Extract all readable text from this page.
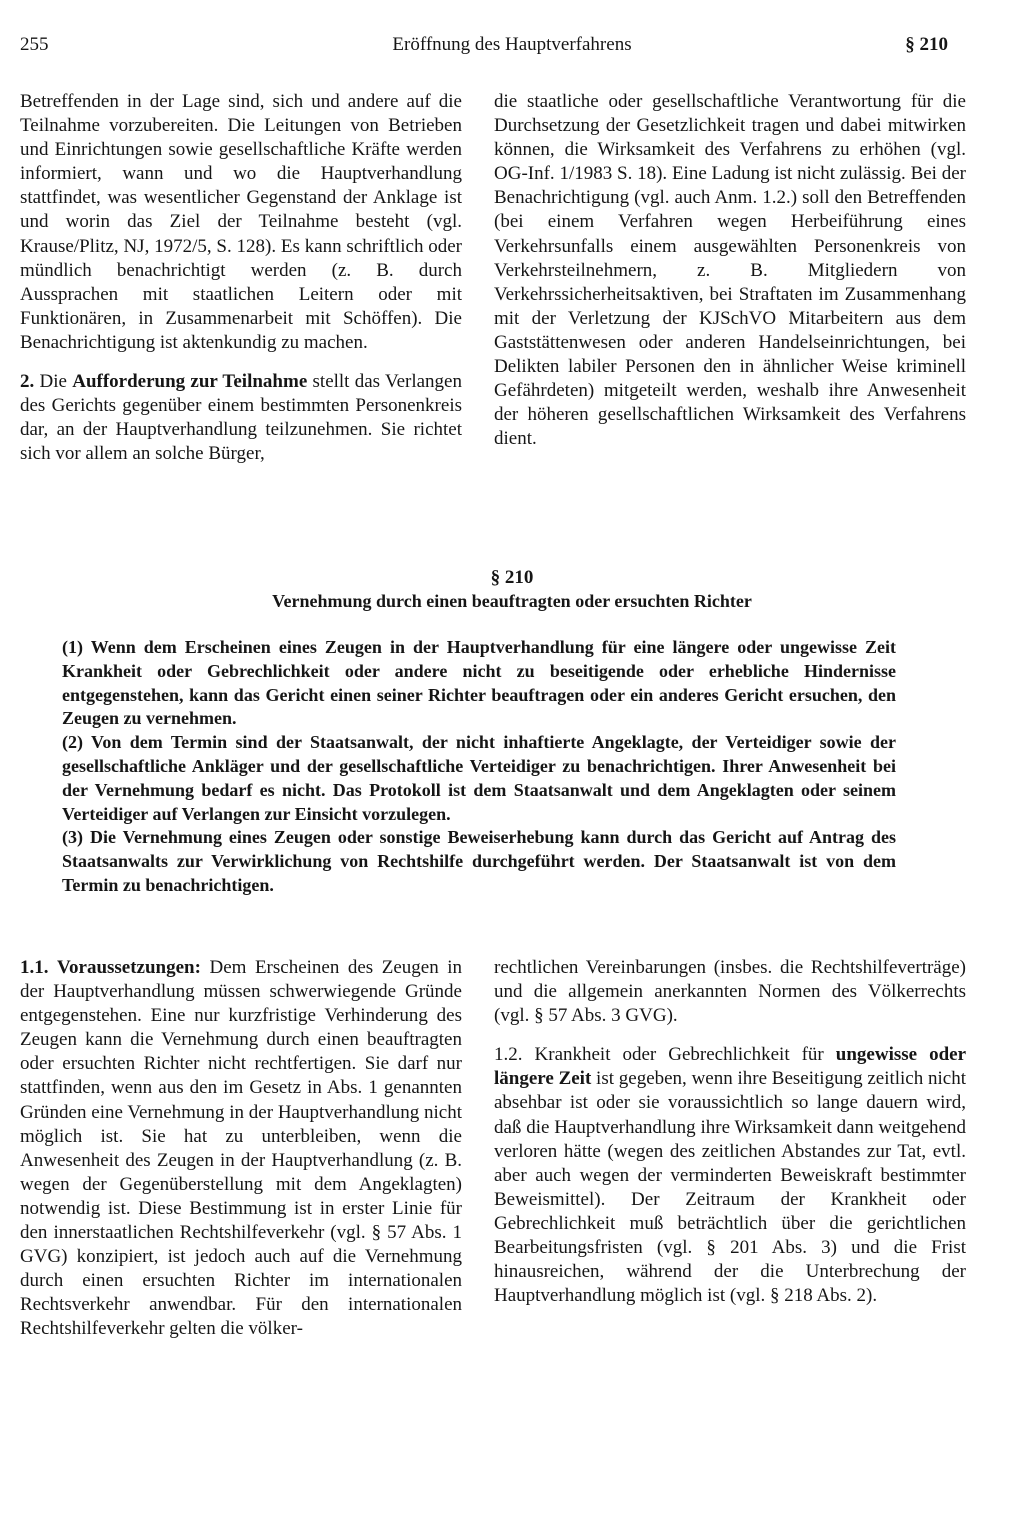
255	Eröffnung des Hauptverfahrens	§ 210

Betreffenden in der Lage sind, sich und andere auf die Teilnahme vorzubereiten. Die Leitungen von Betrieben und Einrichtungen sowie gesellschaftliche Kräfte werden informiert, wann und wo die Hauptverhandlung stattfindet, was wesentlicher Gegenstand der Anklage ist und worin das Ziel der Teilnahme besteht (vgl. Krause/Plitz, NJ, 1972/5, S. 128). Es kann schriftlich oder mündlich benachrichtigt werden (z. B. durch Aussprachen mit staatlichen Leitern oder mit Funktionären, in Zusammenarbeit mit Schöffen). Die Benachrichtigung ist aktenkundig zu machen.

2. Die Aufforderung zur Teilnahme stellt das Verlangen des Gerichts gegenüber einem bestimmten Personenkreis dar, an der Hauptverhandlung teilzunehmen. Sie richtet sich vor allem an solche Bürger,

die staatliche oder gesellschaftliche Verantwortung für die Durchsetzung der Gesetzlichkeit tragen und dabei mitwirken können, die Wirksamkeit des Verfahrens zu erhöhen (vgl. OG-Inf. 1/1983 S. 18). Eine Ladung ist nicht zulässig. Bei der Benachrichtigung (vgl. auch Anm. 1.2.) soll den Betreffenden (bei einem Verfahren wegen Herbeiführung eines Verkehrsunfalls einem ausgewählten Personenkreis von Verkehrsteilnehmern, z. B. Mitgliedern von Verkehrssicherheitsaktiven, bei Straftaten im Zusammenhang mit der Verletzung der KJSchVO Mitarbeitern aus dem Gaststättenwesen oder anderen Handelseinrichtungen, bei Delikten labiler Personen den in ähnlicher Weise kriminell Gefährdeten) mitgeteilt werden, weshalb ihre Anwesenheit der höheren gesellschaftlichen Wirksamkeit des Verfahrens dient.

§ 210
Vernehmung durch einen beauftragten oder ersuchten Richter

(1) Wenn dem Erscheinen eines Zeugen in der Hauptverhandlung für eine längere oder ungewisse Zeit Krankheit oder Gebrechlichkeit oder andere nicht zu beseitigende oder erhebliche Hindernisse entgegenstehen, kann das Gericht einen seiner Richter beauftragen oder ein anderes Gericht ersuchen, den Zeugen zu vernehmen.

(2) Von dem Termin sind der Staatsanwalt, der nicht inhaftierte Angeklagte, der Verteidiger sowie der gesellschaftliche Ankläger und der gesellschaftliche Verteidiger zu benachrichtigen. Ihrer Anwesenheit bei der Vernehmung bedarf es nicht. Das Protokoll ist dem Staatsanwalt und dem Angeklagten oder seinem Verteidiger auf Verlangen zur Einsicht vorzulegen.

(3) Die Vernehmung eines Zeugen oder sonstige Beweiserhebung kann durch das Gericht auf Antrag des Staatsanwalts zur Verwirklichung von Rechtshilfe durchgeführt werden. Der Staatsanwalt ist von dem Termin zu benachrichtigen.

1.1. Voraussetzungen: Dem Erscheinen des Zeugen in der Hauptverhandlung müssen schwerwiegende Gründe entgegenstehen. Eine nur kurzfristige Verhinderung des Zeugen kann die Vernehmung durch einen beauftragten oder ersuchten Richter nicht rechtfertigen. Sie darf nur stattfinden, wenn aus den im Gesetz in Abs. 1 genannten Gründen eine Vernehmung in der Hauptverhandlung nicht möglich ist. Sie hat zu unterbleiben, wenn die Anwesenheit des Zeugen in der Hauptverhandlung (z. B. wegen der Gegenüberstellung mit dem Angeklagten) notwendig ist. Diese Bestimmung ist in erster Linie für den innerstaatlichen Rechtshilfeverkehr (vgl. § 57 Abs. 1 GVG) konzipiert, ist jedoch auch auf die Vernehmung durch einen ersuchten Richter im internationalen Rechtsverkehr anwendbar. Für den internationalen Rechtshilfeverkehr gelten die völker-

rechtlichen Vereinbarungen (insbes. die Rechtshilfeverträge) und die allgemein anerkannten Normen des Völkerrechts (vgl. § 57 Abs. 3 GVG).

1.2. Krankheit oder Gebrechlichkeit für ungewisse oder längere Zeit ist gegeben, wenn ihre Beseitigung zeitlich nicht absehbar ist oder sie voraussichtlich so lange dauern wird, daß die Hauptverhandlung ihre Wirksamkeit dann weitgehend verloren hätte (wegen des zeitlichen Abstandes zur Tat, evtl. aber auch wegen der verminderten Beweiskraft bestimmter Beweismittel). Der Zeitraum der Krankheit oder Gebrechlichkeit muß beträchtlich über die gerichtlichen Bearbeitungsfristen (vgl. § 201 Abs. 3) und die Frist hinausreichen, während der die Unterbrechung der Hauptverhandlung möglich ist (vgl. § 218 Abs. 2).
